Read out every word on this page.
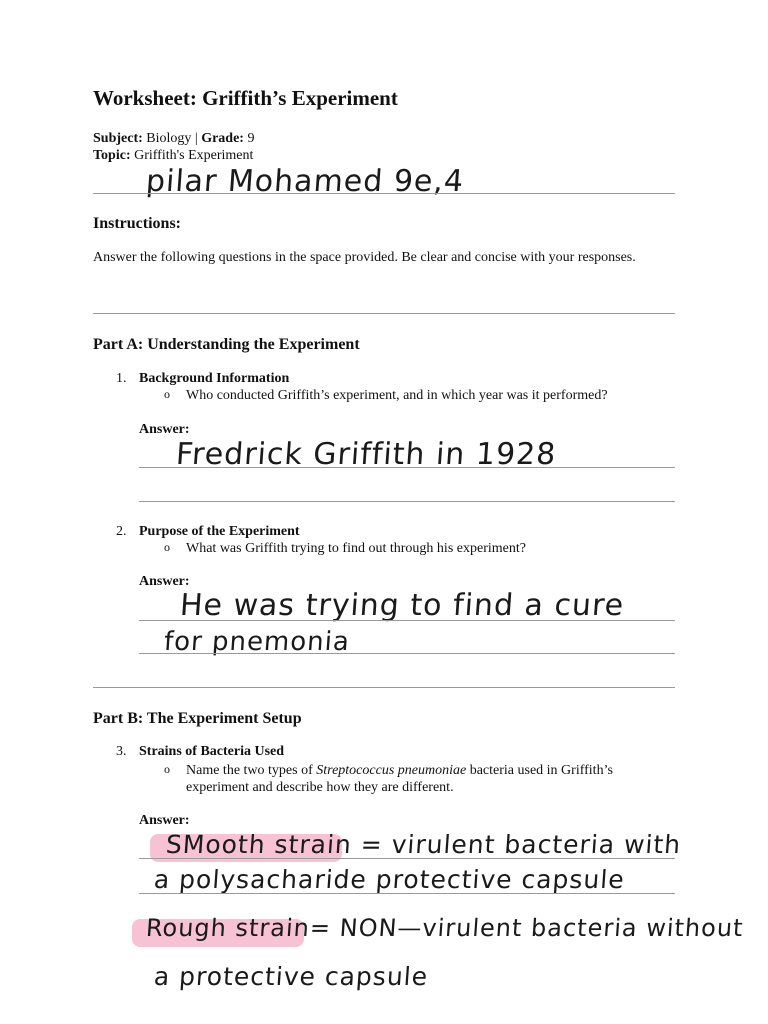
Worksheet: Griffith’s Experiment
Subject: Biology | Grade: 9
Topic: Griffith's Experiment
pilar Mohamed 9e,4
Instructions:
Answer the following questions in the space provided. Be clear and concise with your responses.
Part A: Understanding the Experiment
1. Background Information
o Who conducted Griffith’s experiment, and in which year was it performed?
Answer:
Fredrick Griffith in 1928
2. Purpose of the Experiment
o What was Griffith trying to find out through his experiment?
Answer:
He was trying to find a cure
for pnemonia
Part B: The Experiment Setup
3. Strains of Bacteria Used
o Name the two types of Streptococcus pneumoniae bacteria used in Griffith’s experiment and describe how they are different.
Answer:
SMooth strain = virulent bacteria with
a polysacharide protective capsule
Rough strain= NON—virulent bacteria without
a protective capsule
